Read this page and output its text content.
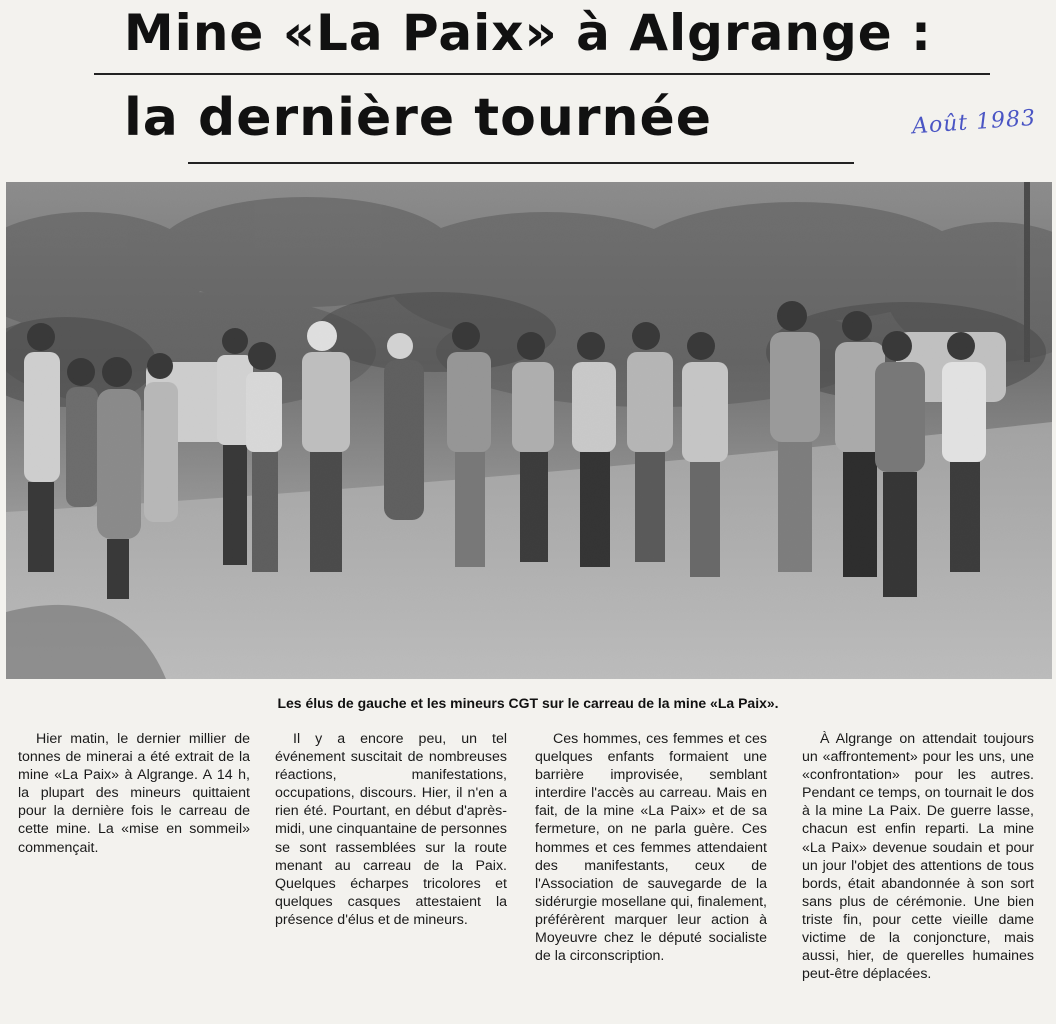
Mine «La Paix» à Algrange :
la dernière tournée	Août 1983
Les élus de gauche et les mineurs CGT sur le carreau de la mine «La Paix».

Hier matin, le dernier millier de tonnes de minerai a été extrait de la mine «La Paix» à Algrange. A 14 h, la plupart des mineurs quittaient pour la dernière fois le carreau de cette mine. La «mise en sommeil» commençait.

Il y a encore peu, un tel événement suscitait de nombreuses réactions, manifestations, occupations, discours. Hier, il n'en a rien été. Pourtant, en début d'après-midi, une cinquantaine de personnes se sont rassemblées sur la route menant au carreau de la Paix. Quelques écharpes tricolores et quelques casques attestaient la présence d'élus et de mineurs.

Ces hommes, ces femmes et ces quelques enfants formaient une barrière improvisée, semblant interdire l'accès au carreau. Mais en fait, de la mine «La Paix» et de sa fermeture, on ne parla guère. Ces hommes et ces femmes attendaient des manifestants, ceux de l'Association de sauvegarde de la sidérurgie mosellane qui, finalement, préférèrent marquer leur action à Moyeuvre chez le député socialiste de la circonscription.

À Algrange on attendait toujours un «affrontement» pour les uns, une «confrontation» pour les autres. Pendant ce temps, on tournait le dos à la mine La Paix. De guerre lasse, chacun est enfin reparti. La mine «La Paix» devenue soudain et pour un jour l'objet des attentions de tous bords, était abandonnée à son sort sans plus de cérémonie. Une bien triste fin, pour cette vieille dame victime de la conjoncture, mais aussi, hier, de querelles humaines peut-être déplacées.
